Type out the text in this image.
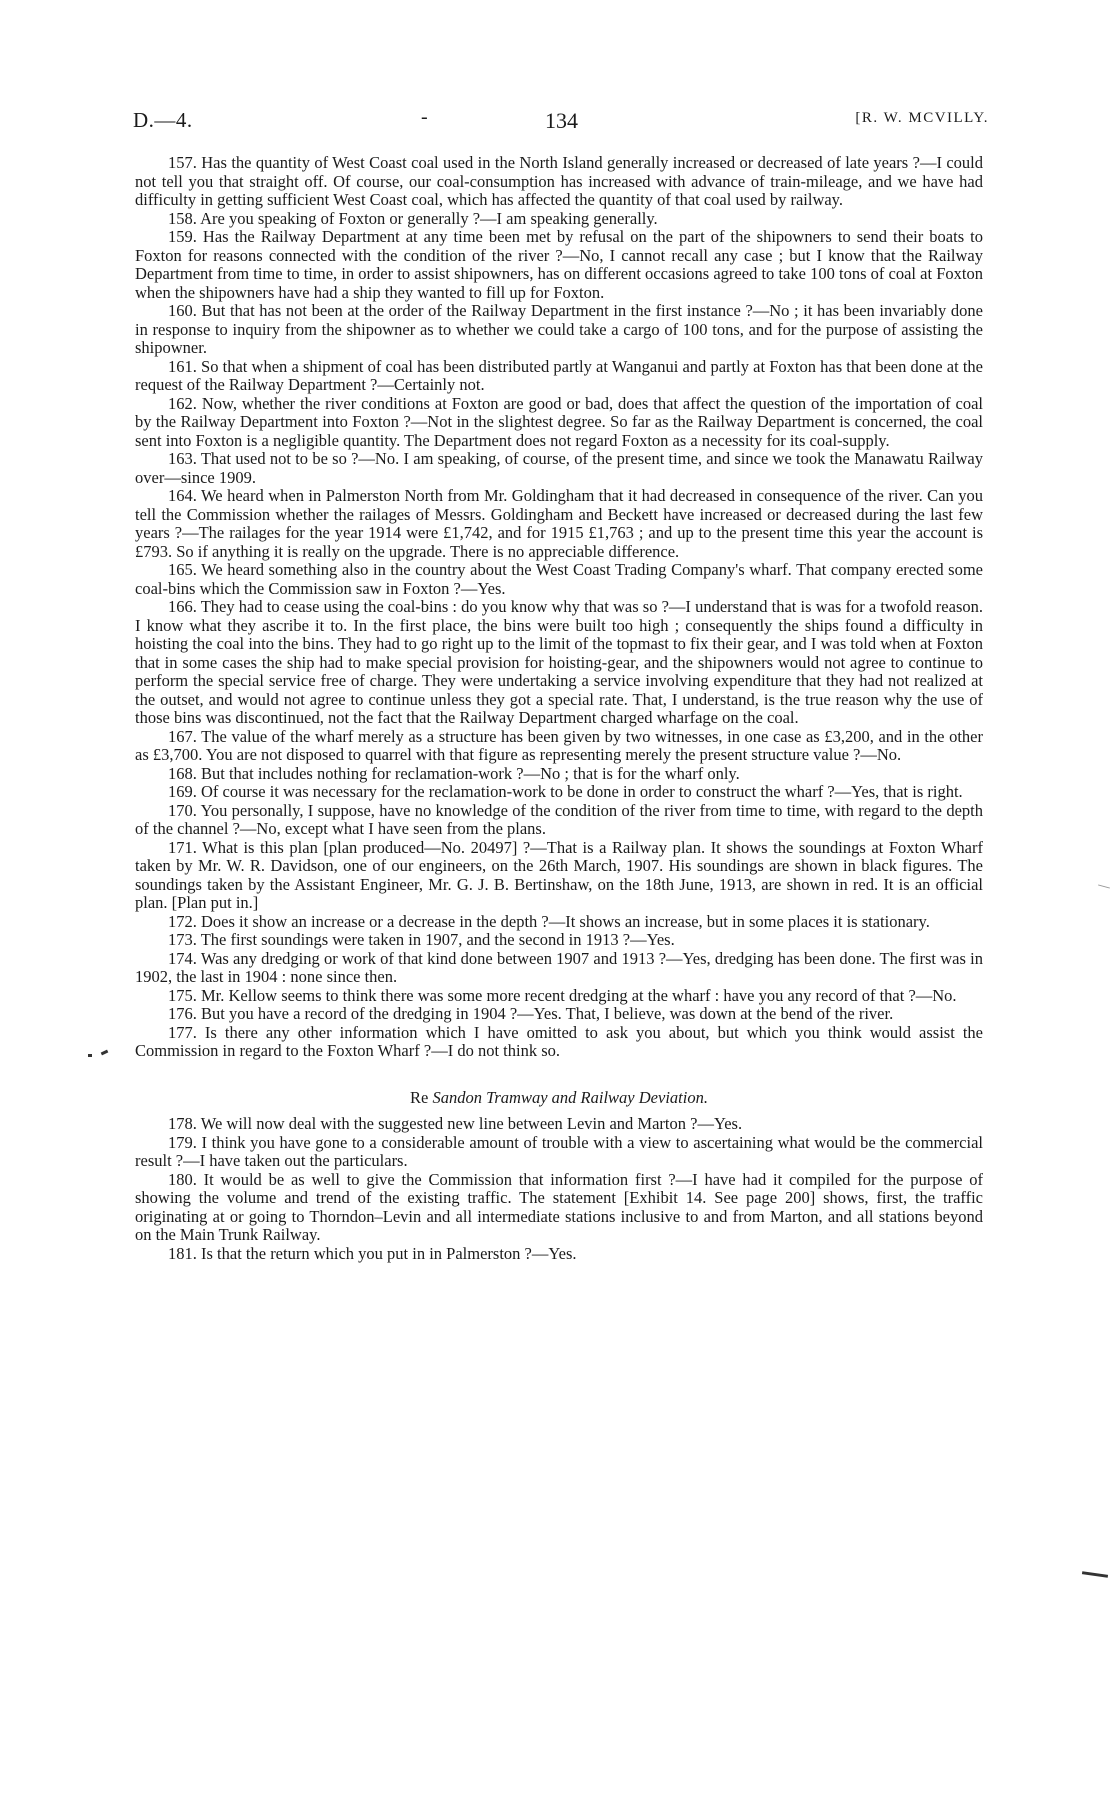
D.—4.	-	134	[R. W. MCVILLY.

157. Has the quantity of West Coast coal used in the North Island generally increased or decreased of late years ?—I could not tell you that straight off. Of course, our coal-consumption has increased with advance of train-mileage, and we have had difficulty in getting sufficient West Coast coal, which has affected the quantity of that coal used by railway.

158. Are you speaking of Foxton or generally ?—I am speaking generally.

159. Has the Railway Department at any time been met by refusal on the part of the shipowners to send their boats to Foxton for reasons connected with the condition of the river ?—No, I cannot recall any case ; but I know that the Railway Department from time to time, in order to assist shipowners, has on different occasions agreed to take 100 tons of coal at Foxton when the shipowners have had a ship they wanted to fill up for Foxton.

160. But that has not been at the order of the Railway Department in the first instance ?—No ; it has been invariably done in response to inquiry from the shipowner as to whether we could take a cargo of 100 tons, and for the purpose of assisting the shipowner.

161. So that when a shipment of coal has been distributed partly at Wanganui and partly at Foxton has that been done at the request of the Railway Department ?—Certainly not.

162. Now, whether the river conditions at Foxton are good or bad, does that affect the question of the importation of coal by the Railway Department into Foxton ?—Not in the slightest degree. So far as the Railway Department is concerned, the coal sent into Foxton is a negligible quantity. The Department does not regard Foxton as a necessity for its coal-supply.

163. That used not to be so ?—No. I am speaking, of course, of the present time, and since we took the Manawatu Railway over—since 1909.

164. We heard when in Palmerston North from Mr. Goldingham that it had decreased in consequence of the river. Can you tell the Commission whether the railages of Messrs. Goldingham and Beckett have increased or decreased during the last few years ?—The railages for the year 1914 were £1,742, and for 1915 £1,763 ; and up to the present time this year the account is £793. So if anything it is really on the upgrade. There is no appreciable difference.

165. We heard something also in the country about the West Coast Trading Company's wharf. That company erected some coal-bins which the Commission saw in Foxton ?—Yes.

166. They had to cease using the coal-bins : do you know why that was so ?—I understand that is was for a twofold reason. I know what they ascribe it to. In the first place, the bins were built too high ; consequently the ships found a difficulty in hoisting the coal into the bins. They had to go right up to the limit of the topmast to fix their gear, and I was told when at Foxton that in some cases the ship had to make special provision for hoisting-gear, and the shipowners would not agree to continue to perform the special service free of charge. They were undertaking a service involving expenditure that they had not realized at the outset, and would not agree to continue unless they got a special rate. That, I understand, is the true reason why the use of those bins was discontinued, not the fact that the Railway Department charged wharfage on the coal.

167. The value of the wharf merely as a structure has been given by two witnesses, in one case as £3,200, and in the other as £3,700. You are not disposed to quarrel with that figure as representing merely the present structure value ?—No.

168. But that includes nothing for reclamation-work ?—No ; that is for the wharf only.

169. Of course it was necessary for the reclamation-work to be done in order to construct the wharf ?—Yes, that is right.

170. You personally, I suppose, have no knowledge of the condition of the river from time to time, with regard to the depth of the channel ?—No, except what I have seen from the plans.

171. What is this plan [plan produced—No. 20497] ?—That is a Railway plan. It shows the soundings at Foxton Wharf taken by Mr. W. R. Davidson, one of our engineers, on the 26th March, 1907. His soundings are shown in black figures. The soundings taken by the Assistant Engineer, Mr. G. J. B. Bertinshaw, on the 18th June, 1913, are shown in red. It is an official plan. [Plan put in.]

172. Does it show an increase or a decrease in the depth ?—It shows an increase, but in some places it is stationary.

173. The first soundings were taken in 1907, and the second in 1913 ?—Yes.

174. Was any dredging or work of that kind done between 1907 and 1913 ?—Yes, dredging has been done. The first was in 1902, the last in 1904 : none since then.

175. Mr. Kellow seems to think there was some more recent dredging at the wharf : have you any record of that ?—No.

176. But you have a record of the dredging in 1904 ?—Yes. That, I believe, was down at the bend of the river.

177. Is there any other information which I have omitted to ask you about, but which you think would assist the Commission in regard to the Foxton Wharf ?—I do not think so.

Re Sandon Tramway and Railway Deviation.

178. We will now deal with the suggested new line between Levin and Marton ?—Yes.

179. I think you have gone to a considerable amount of trouble with a view to ascertaining what would be the commercial result ?—I have taken out the particulars.

180. It would be as well to give the Commission that information first ?—I have had it compiled for the purpose of showing the volume and trend of the existing traffic. The statement [Exhibit 14. See page 200] shows, first, the traffic originating at or going to Thorndon–Levin and all intermediate stations inclusive to and from Marton, and all stations beyond on the Main Trunk Railway.

181. Is that the return which you put in in Palmerston ?—Yes.
